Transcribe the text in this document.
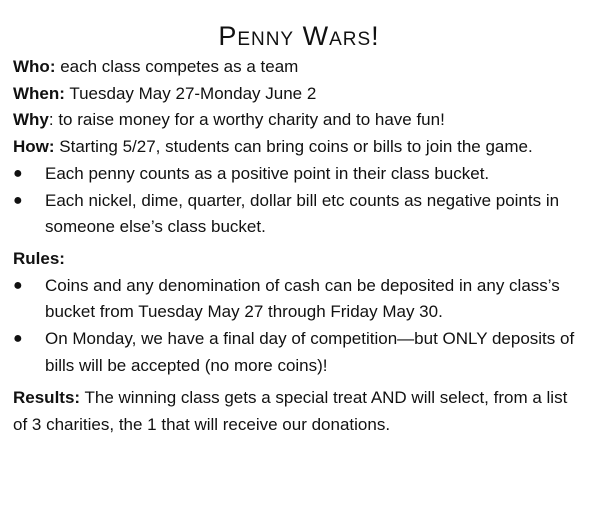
Penny Wars!

Who: each class competes as a team

When: Tuesday May 27-Monday June 2

Why: to raise money for a worthy charity and to have fun!

How: Starting 5/27, students can bring coins or bills to join the game.

● Each penny counts as a positive point in their class bucket.
● Each nickel, dime, quarter, dollar bill etc counts as negative points in someone else’s class bucket.

Rules:

● Coins and any denomination of cash can be deposited in any class’s bucket from Tuesday May 27 through Friday May 30.
● On Monday, we have a final day of competition—but ONLY deposits of bills will be accepted (no more coins)!

Results: The winning class gets a special treat AND will select, from a list of 3 charities, the 1 that will receive our donations.
